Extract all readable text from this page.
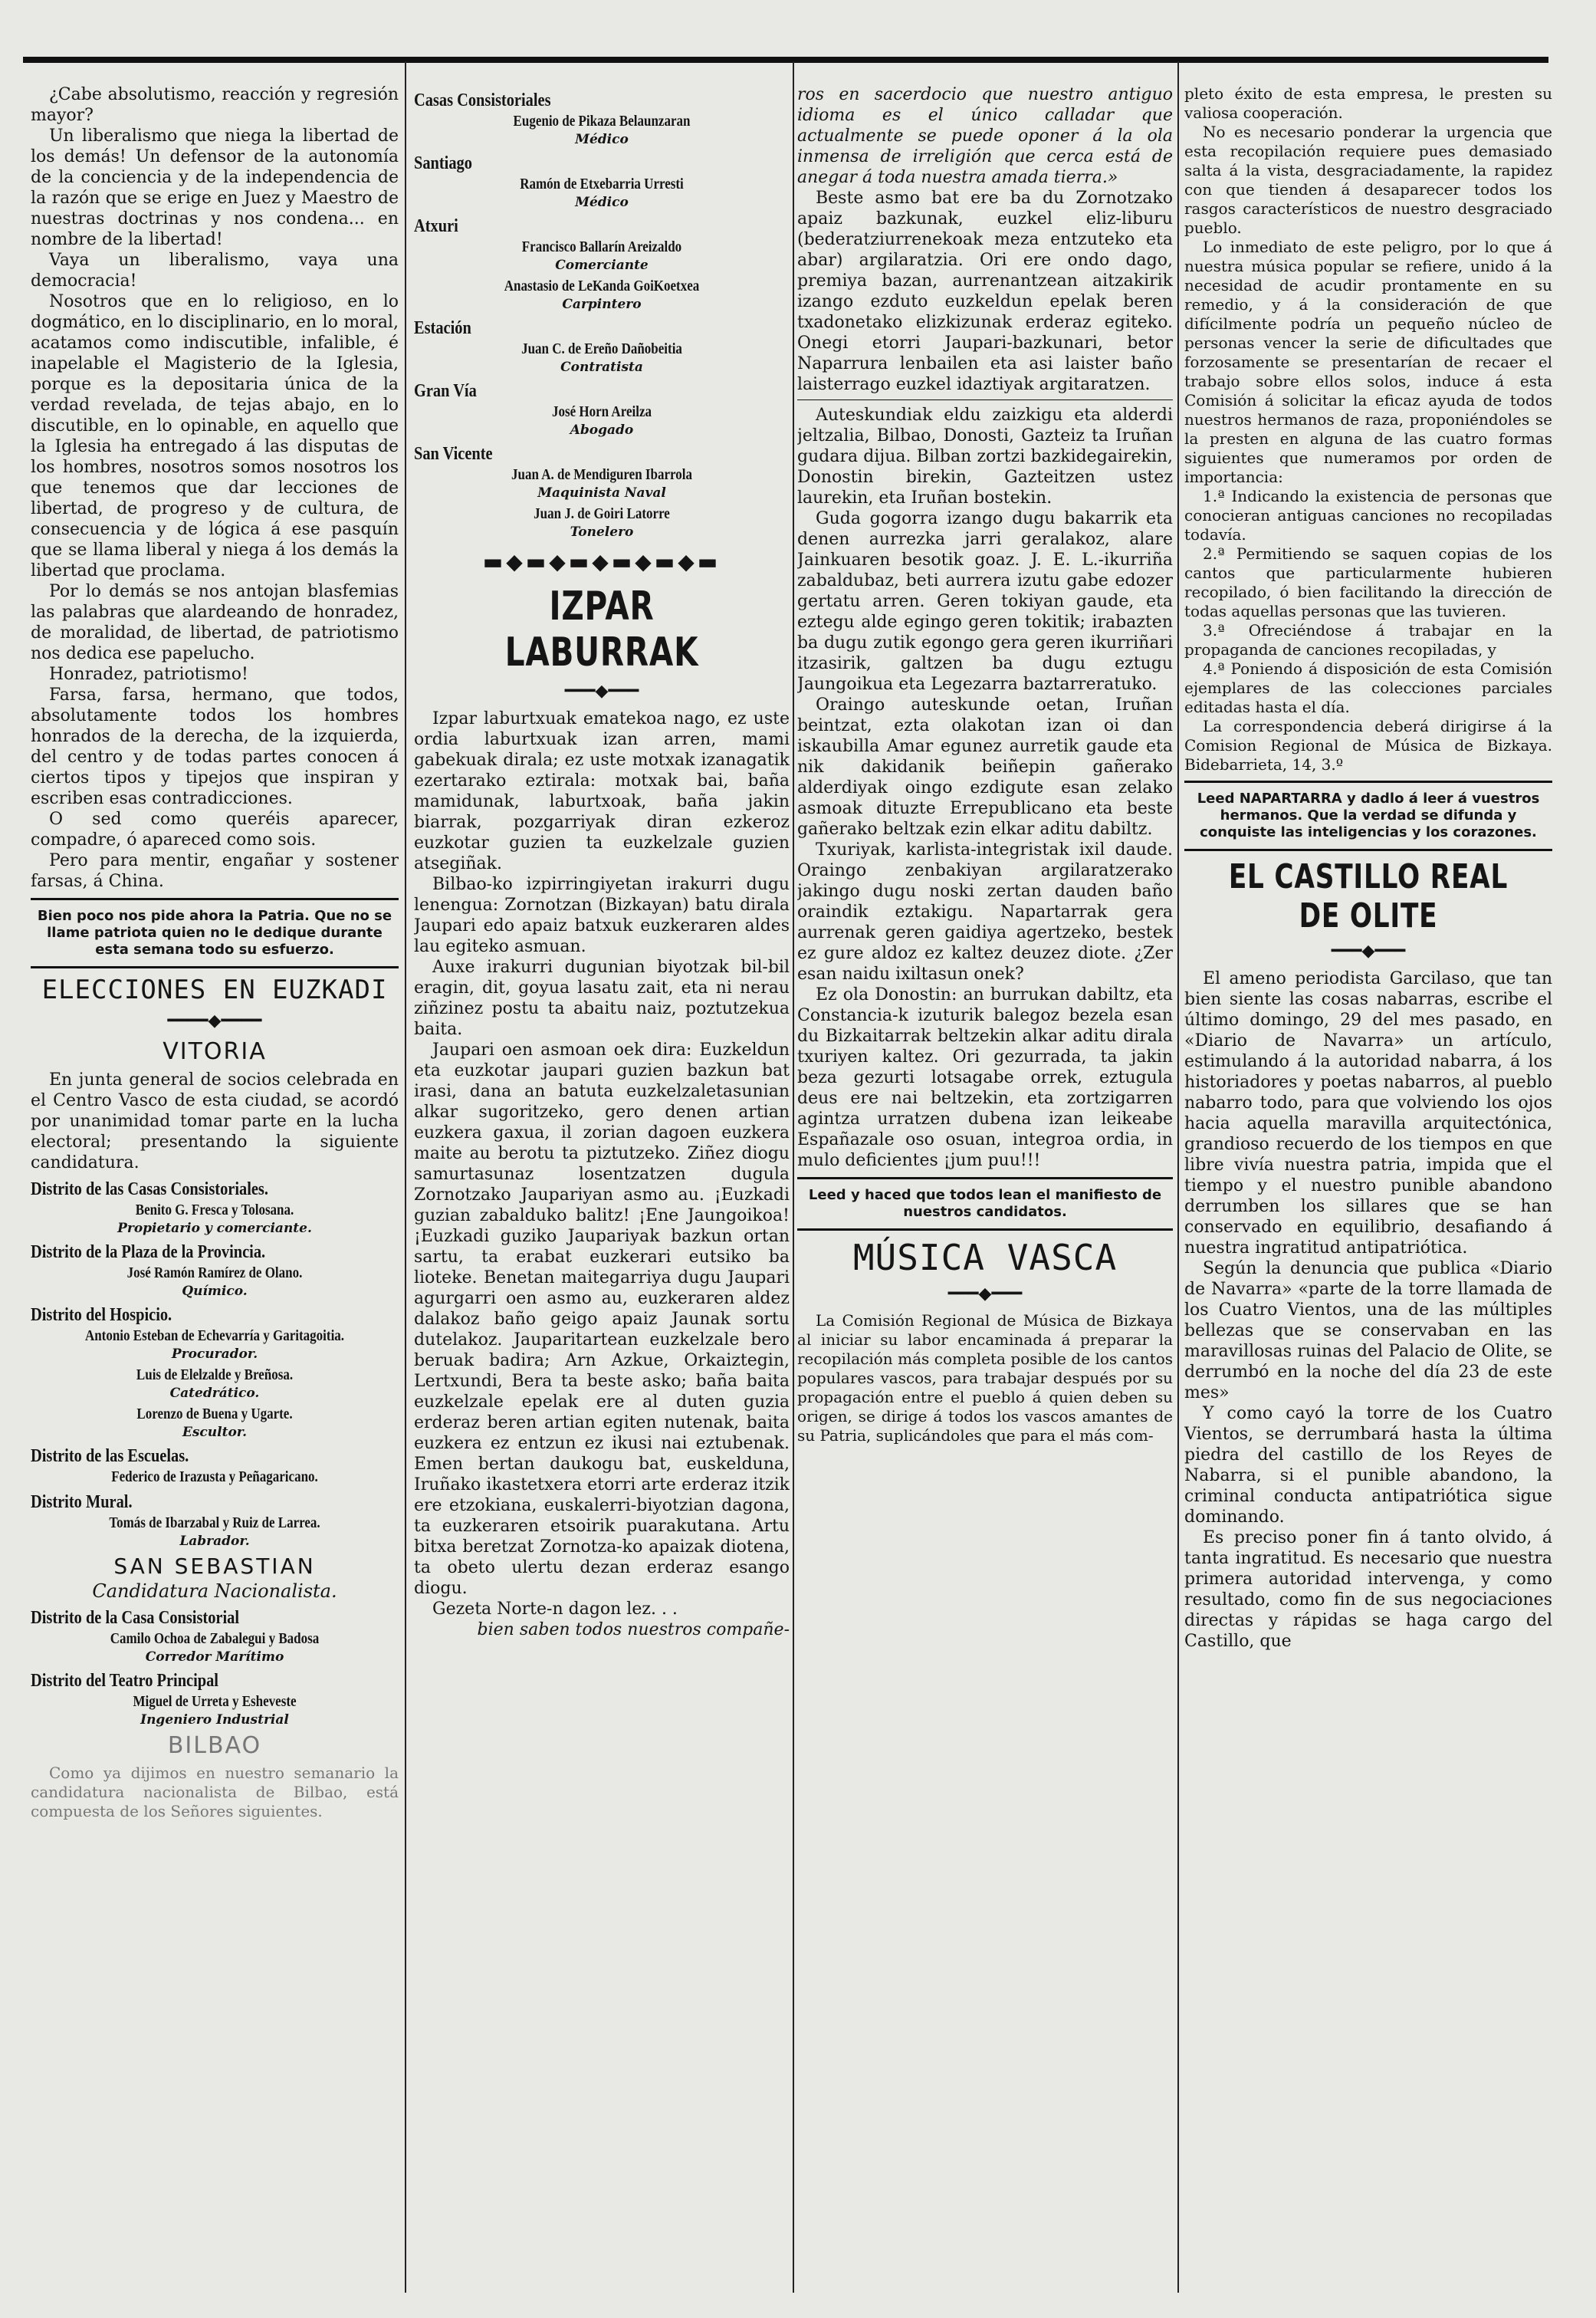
¿Cabe absolutismo, reacción y regresión mayor?

Un liberalismo que niega la libertad de los demás! Un defensor de la autonomía de la conciencia y de la independencia de la razón que se erige en Juez y Maestro de nuestras doctrinas y nos condena... en nombre de la libertad!

Vaya un liberalismo, vaya una democracia!

Nosotros que en lo religioso, en lo dogmático, en lo disciplinario, en lo moral, acatamos como indiscutible, infalible, é inapelable el Magisterio de la Iglesia, porque es la depositaria única de la verdad revelada, de tejas abajo, en lo discutible, en lo opinable, en aquello que la Iglesia ha entregado á las disputas de los hombres, nosotros somos nosotros los que tenemos que dar lecciones de libertad, de progreso y de cultura, de consecuencia y de lógica á ese pasquín que se llama liberal y niega á los demás la libertad que proclama.

Por lo demás se nos antojan blasfemias las palabras que alardeando de honradez, de moralidad, de libertad, de patriotismo nos dedica ese papelucho.

Honradez, patriotismo!

Farsa, farsa, hermano, que todos, absolutamente todos los hombres honrados de la derecha, de la izquierda, del centro y de todas partes conocen á ciertos tipos y tipejos que inspiran y escriben esas contradicciones.

O sed como queréis aparecer, compadre, ó apareced como sois.

Pero para mentir, engañar y sostener farsas, á China.

Bien poco nos pide ahora la Patria. Que no se llame patriota quien no le dedique durante esta semana todo su esfuerzo.
ELECCIONES EN EUZKADI
━━━━◆━━━━
VITORIA

En junta general de socios celebrada en el Centro Vasco de esta ciudad, se acordó por unanimidad tomar parte en la lucha electoral; presentando la siguiente candidatura.

Distrito de las Casas Consistoriales.
Benito G. Fresca y Tolosana.
Propietario y comerciante.
Distrito de la Plaza de la Provincia.
José Ramón Ramírez de Olano.
Químico.
Distrito del Hospicio.
Antonio Esteban de Echevarría y Garitagoitia.
Procurador.
Luis de Elelzalde y Breñosa.
Catedrático.
Lorenzo de Buena y Ugarte.
Escultor.
Distrito de las Escuelas.
Federico de Irazusta y Peñagaricano.
Distrito Mural.
Tomás de Ibarzabal y Ruiz de Larrea.
Labrador.
SAN SEBASTIAN
Candidatura Nacionalista.
Distrito de la Casa Consistorial
Camilo Ochoa de Zabalegui y Badosa
Corredor Marítimo
Distrito del Teatro Principal
Miguel de Urreta y Esheveste
Ingeniero Industrial
BILBAO

Como ya dijimos en nuestro semanario la candidatura nacionalista de Bilbao, está compuesta de los Señores siguientes.

Casas Consistoriales
Eugenio de Pikaza Belaunzaran
Médico
Santiago
Ramón de Etxebarria Urresti
Médico
Atxuri
Francisco Ballarín Areizaldo
Comerciante
Anastasio de LeKanda GoiKoetxea
Carpintero
Estación
Juan C. de Ereño Dañobeitia
Contratista
Gran Vía
José Horn Areilza
Abogado
San Vicente
Juan A. de Mendiguren Ibarrola
Maquinista Naval
Juan J. de Goiri Latorre
Tonelero
▬◆▬◆▬◆▬◆▬◆▬
IZPAR LABURRAK
━━━◆━━━

Izpar laburtxuak ematekoa nago, ez uste ordia laburtxuak izan arren, mami gabekuak dirala; ez uste motxak izanagatik ezertarako eztirala: motxak bai, baña mamidunak, laburtxoak, baña jakin biarrak, pozgarriyak diran ezkeroz euzkotar guzien ta euzkelzale guzien atsegiñak.

Bilbao-ko izpirringiyetan irakurri dugu lenengua: Zornotzan (Bizkayan) batu dirala Jaupari edo apaiz batxuk euzkeraren aldes lau egiteko asmuan.

Auxe irakurri dugunian biyotzak bil-bil eragin, dit, goyua lasatu zait, eta ni nerau ziñzinez postu ta abaitu naiz, poztutzekua baita.

Jaupari oen asmoan oek dira: Euzkeldun eta euzkotar jaupari guzien bazkun bat irasi, dana an batuta euzkelzaletasunian alkar sugoritzeko, gero denen artian euzkera gaxua, il zorian dagoen euzkera maite au berotu ta piztutzeko. Ziñez diogu samurtasunaz losentzatzen dugula Zornotzako Jaupariyan asmo au. ¡Euzkadi guzian zabalduko balitz! ¡Ene Jaungoikoa! ¡Euzkadi guziko Jaupariyak bazkun ortan sartu, ta erabat euzkerari eutsiko ba lioteke. Benetan maitegarriya dugu Jaupari agurgarri oen asmo au, euzkeraren aldez dalakoz baño geigo apaiz Jaunak sortu dutelakoz. Jauparitartean euzkelzale bero beruak badira; Arn Azkue, Orkaiztegin, Lertxundi, Bera ta beste asko; baña baita euzkelzale epelak ere al duten guzia erderaz beren artian egiten nutenak, baita euzkera ez entzun ez ikusi nai eztubenak. Emen bertan daukogu bat, euskelduna, Iruñako ikastetxera etorri arte erderaz itzik ere etzokiana, euskalerri-biyotzian dagona, ta euzkeraren etsoirik puarakutana. Artu bitxa beretzat Zornotza-ko apaizak diotena, ta obeto ulertu dezan erderaz esango diogu.

Gezeta Norte-n dagon lez. . .

bien saben todos nuestros compañe-

ros en sacerdocio que nuestro antiguo idioma es el único calladar que actualmente se puede oponer á la ola inmensa de irreligión que cerca está de anegar á toda nuestra amada tierra.»

Beste asmo bat ere ba du Zornotzako apaiz bazkunak, euzkel eliz-liburu (bederatziurrenekoak meza entzuteko eta abar) argilaratzia. Ori ere ondo dago, premiya bazan, aurrenantzean aitzakirik izango ezduto euzkeldun epelak beren txadonetako elizkizunak erderaz egiteko. Onegi etorri Jaupari-bazkunari, betor Naparrura lenbailen eta asi laister baño laisterrago euzkel idaztiyak argitaratzen.

Auteskundiak eldu zaizkigu eta alderdi jeltzalia, Bilbao, Donosti, Gazteiz ta Iruñan gudara dijua. Bilban zortzi bazkidegairekin, Donostin birekin, Gazteitzen ustez laurekin, eta Iruñan bostekin.

Guda gogorra izango dugu bakarrik eta denen aurrezka jarri geralakoz, alare Jainkuaren besotik goaz. J. E. L.-ikurriña zabaldubaz, beti aurrera izutu gabe edozer gertatu arren. Geren tokiyan gaude, eta eztegu alde egingo geren tokitik; irabazten ba dugu zutik egongo gera geren ikurriñari itzasirik, galtzen ba dugu eztugu Jaungoikua eta Legezarra baztarreratuko.

Oraingo auteskunde oetan, Iruñan beintzat, ezta olakotan izan oi dan iskaubilla Amar egunez aurretik gaude eta nik dakidanik beiñepin gañerako alderdiyak oingo ezdigute esan zelako asmoak dituzte Errepublicano eta beste gañerako beltzak ezin elkar aditu dabiltz.

Txuriyak, karlista-integristak ixil daude. Oraingo zenbakiyan argilaratzerako jakingo dugu noski zertan dauden baño oraindik eztakigu. Napartarrak gera aurrenak geren gaidiya agertzeko, bestek ez gure aldoz ez kaltez deuzez diote. ¿Zer esan naidu ixiltasun onek?

Ez ola Donostin: an burrukan dabiltz, eta Constancia-k izuturik balegoz bezela esan du Bizkaitarrak beltzekin alkar aditu dirala txuriyen kaltez. Ori gezurrada, ta jakin beza gezurti lotsagabe orrek, eztugula deus ere nai beltzekin, eta zortzigarren agintza urratzen dubena izan leikeabe Españazale oso osuan, integroa ordia, in mulo deficientes ¡jum puu!!!

Leed y haced que todos lean el manifiesto de nuestros candidatos.
MÚSICA VASCA
━━━◆━━━

La Comisión Regional de Música de Bizkaya al iniciar su labor encaminada á preparar la recopilación más completa posible de los cantos populares vascos, para trabajar después por su propagación entre el pueblo á quien deben su origen, se dirige á todos los vascos amantes de su Patria, suplicándoles que para el más com-

pleto éxito de esta empresa, le presten su valiosa cooperación.

No es necesario ponderar la urgencia que esta recopilación requiere pues demasiado salta á la vista, desgraciadamente, la rapidez con que tienden á desaparecer todos los rasgos característicos de nuestro desgraciado pueblo.

Lo inmediato de este peligro, por lo que á nuestra música popular se refiere, unido á la necesidad de acudir prontamente en su remedio, y á la consideración de que difícilmente podría un pequeño núcleo de personas vencer la serie de dificultades que forzosamente se presentarían de recaer el trabajo sobre ellos solos, induce á esta Comisión á solicitar la eficaz ayuda de todos nuestros hermanos de raza, proponiéndoles se la presten en alguna de las cuatro formas siguientes que numeramos por orden de importancia:

1.ª Indicando la existencia de personas que conocieran antiguas canciones no recopiladas todavía.

2.ª Permitiendo se saquen copias de los cantos que particularmente hubieren recopilado, ó bien facilitando la dirección de todas aquellas personas que las tuvieren.

3.ª Ofreciéndose á trabajar en la propaganda de canciones recopiladas, y

4.ª Poniendo á disposición de esta Comisión ejemplares de las colecciones parciales editadas hasta el día.

La correspondencia deberá dirigirse á la Comision Regional de Música de Bizkaya. Bidebarrieta, 14, 3.º

Leed NAPARTARRA y dadlo á leer á vuestros hermanos. Que la verdad se difunda y conquiste las inteligencias y los corazones.
EL CASTILLO REAL DE OLITE
━━━◆━━━

El ameno periodista Garcilaso, que tan bien siente las cosas nabarras, escribe el último domingo, 29 del mes pasado, en «Diario de Navarra» un artículo, estimulando á la autoridad nabarra, á los historiadores y poetas nabarros, al pueblo nabarro todo, para que volviendo los ojos hacia aquella maravilla arquitectónica, grandioso recuerdo de los tiempos en que libre vivía nuestra patria, impida que el tiempo y el nuestro punible abandono derrumben los sillares que se han conservado en equilibrio, desafiando á nuestra ingratitud antipatriótica.

Según la denuncia que publica «Diario de Navarra» «parte de la torre llamada de los Cuatro Vientos, una de las múltiples bellezas que se conservaban en las maravillosas ruinas del Palacio de Olite, se derrumbó en la noche del día 23 de este mes»

Y como cayó la torre de los Cuatro Vientos, se derrumbará hasta la última piedra del castillo de los Reyes de Nabarra, si el punible abandono, la criminal conducta antipatriótica sigue dominando.

Es preciso poner fin á tanto olvido, á tanta ingratitud. Es necesario que nuestra primera autoridad intervenga, y como resultado, como fin de sus negociaciones directas y rápidas se haga cargo del Castillo, que
